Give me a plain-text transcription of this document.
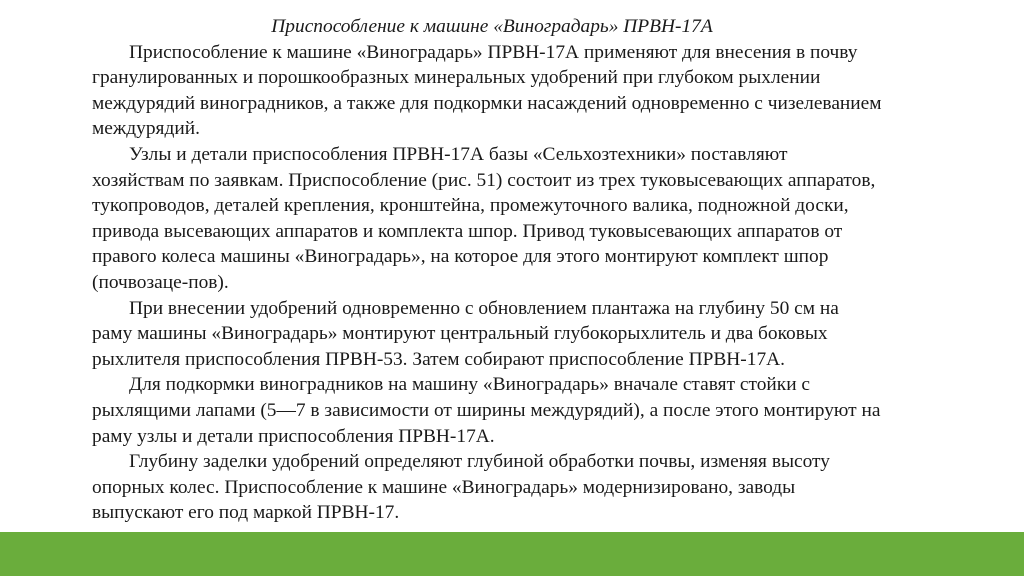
Приспособление к машине «Виноградарь» ПРВН-17А

Приспособление к машине «Виноградарь» ПРВН-17А применяют для внесения в почву гранулированных и порошкообразных минеральных удобрений при глубоком рыхлении междурядий виноградников, а также для подкормки насаждений одновременно с чизелеванием междурядий.

Узлы и детали приспособления ПРВН-17А базы «Сельхозтехники» поставляют хозяйствам по заявкам. Приспособление (рис. 51) состоит из трех туковысевающих аппаратов, тукопроводов, деталей крепления, кронштейна, промежуточного валика, подножной доски, привода высевающих аппаратов и комплекта шпор. Привод туковысевающих аппаратов от правого колеса машины «Виноградарь», на которое для этого монтируют комплект шпор (почвозаце-пов).

При внесении удобрений одновременно с обновлением плантажа на глубину 50 см на раму машины «Виноградарь» монтируют центральный глубокорыхлитель и два боковых рыхлителя приспособления ПРВН-53. Затем собирают приспособление ПРВН-17А.

Для подкормки виноградников на машину «Виноградарь» вначале ставят стойки с рыхлящими лапами (5—7 в зависимости от ширины междурядий), а после этого монтируют на раму узлы и детали приспособления ПРВН-17А.

Глубину заделки удобрений определяют глубиной обработки почвы, изменяя высоту опорных колес. Приспособление к машине «Виноградарь» модернизировано, заводы выпускают его под маркой ПРВН-17.
